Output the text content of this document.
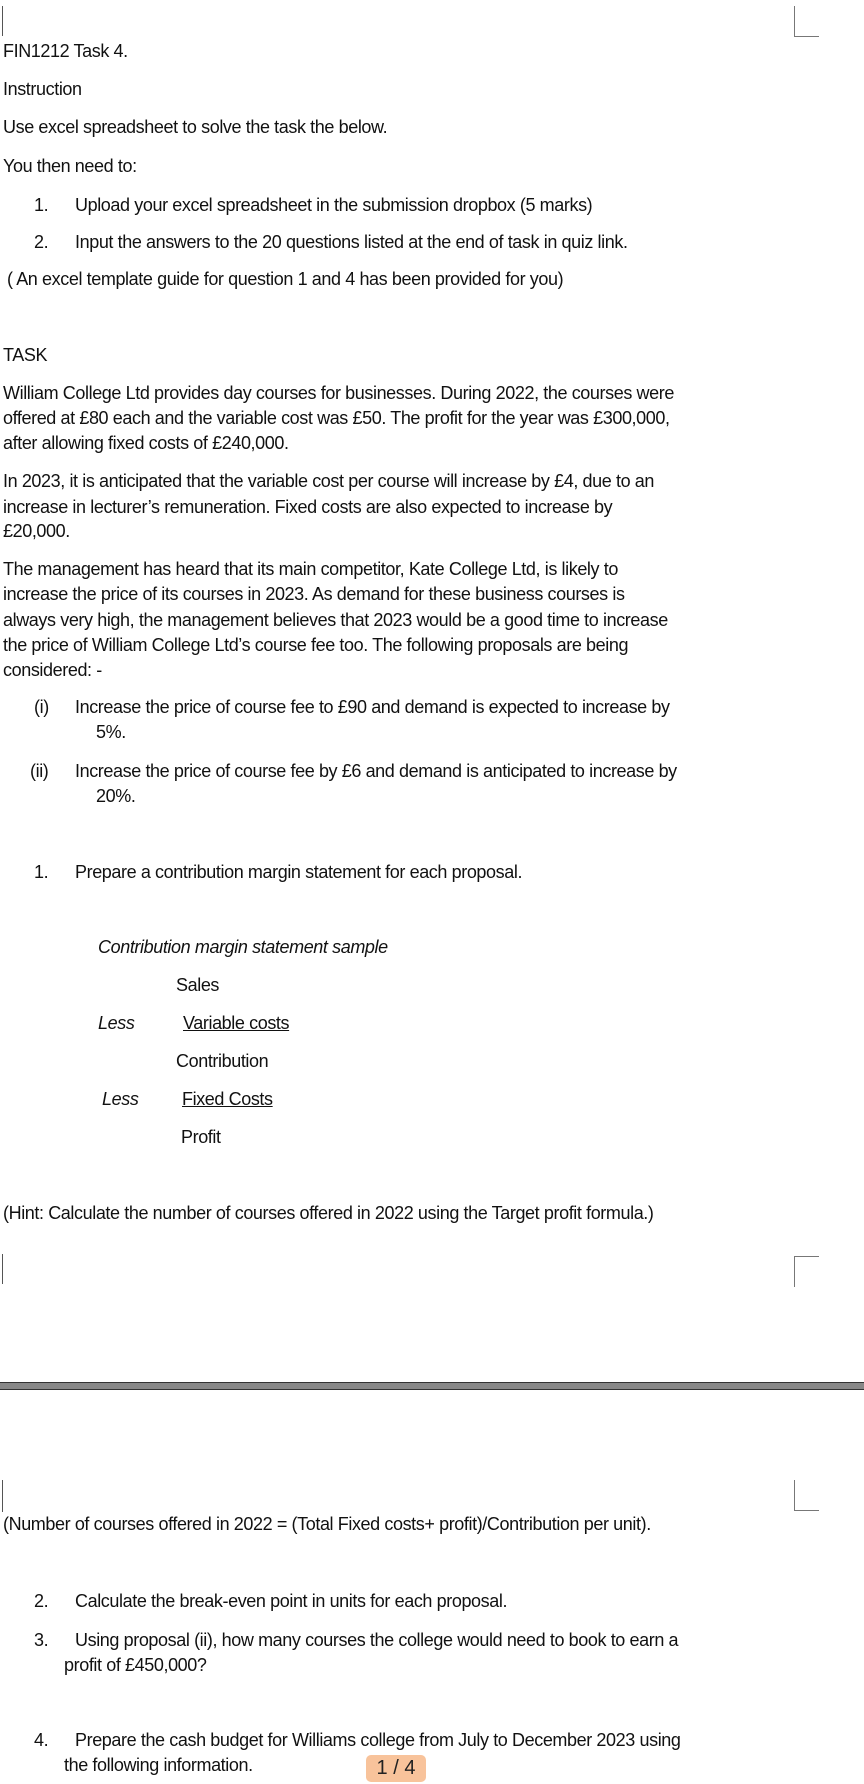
FIN1212 Task 4.
Instruction
Use excel spreadsheet to solve the task the below.
You then need to:
1. Upload your excel spreadsheet in the submission dropbox (5 marks)
2. Input the answers to the 20 questions listed at the end of task in quiz link.
( An excel template guide for question 1 and 4 has been provided for you)
TASK
William College Ltd provides day courses for businesses. During 2022, the courses were
offered at £80 each and the variable cost was £50. The profit for the year was £300,000,
after allowing fixed costs of £240,000.
In 2023, it is anticipated that the variable cost per course will increase by £4, due to an
increase in lecturer’s remuneration. Fixed costs are also expected to increase by
£20,000.
The management has heard that its main competitor, Kate College Ltd, is likely to
increase the price of its courses in 2023. As demand for these business courses is
always very high, the management believes that 2023 would be a good time to increase
the price of William College Ltd’s course fee too. The following proposals are being
considered: -
(i) Increase the price of course fee to £90 and demand is expected to increase by
5%.
(ii) Increase the price of course fee by £6 and demand is anticipated to increase by
20%.
1. Prepare a contribution margin statement for each proposal.
Contribution margin statement sample
Sales
Less	Variable costs
Contribution
Less Fixed Costs
Profit
(Hint: Calculate the number of courses offered in 2022 using the Target profit formula.)
(Number of courses offered in 2022 = (Total Fixed costs+ profit)/Contribution per unit).
2. Calculate the break-even point in units for each proposal.
3. Using proposal (ii), how many courses the college would need to book to earn a
profit of £450,000?
4. Prepare the cash budget for Williams college from July to December 2023 using
the following information.	1 / 4
